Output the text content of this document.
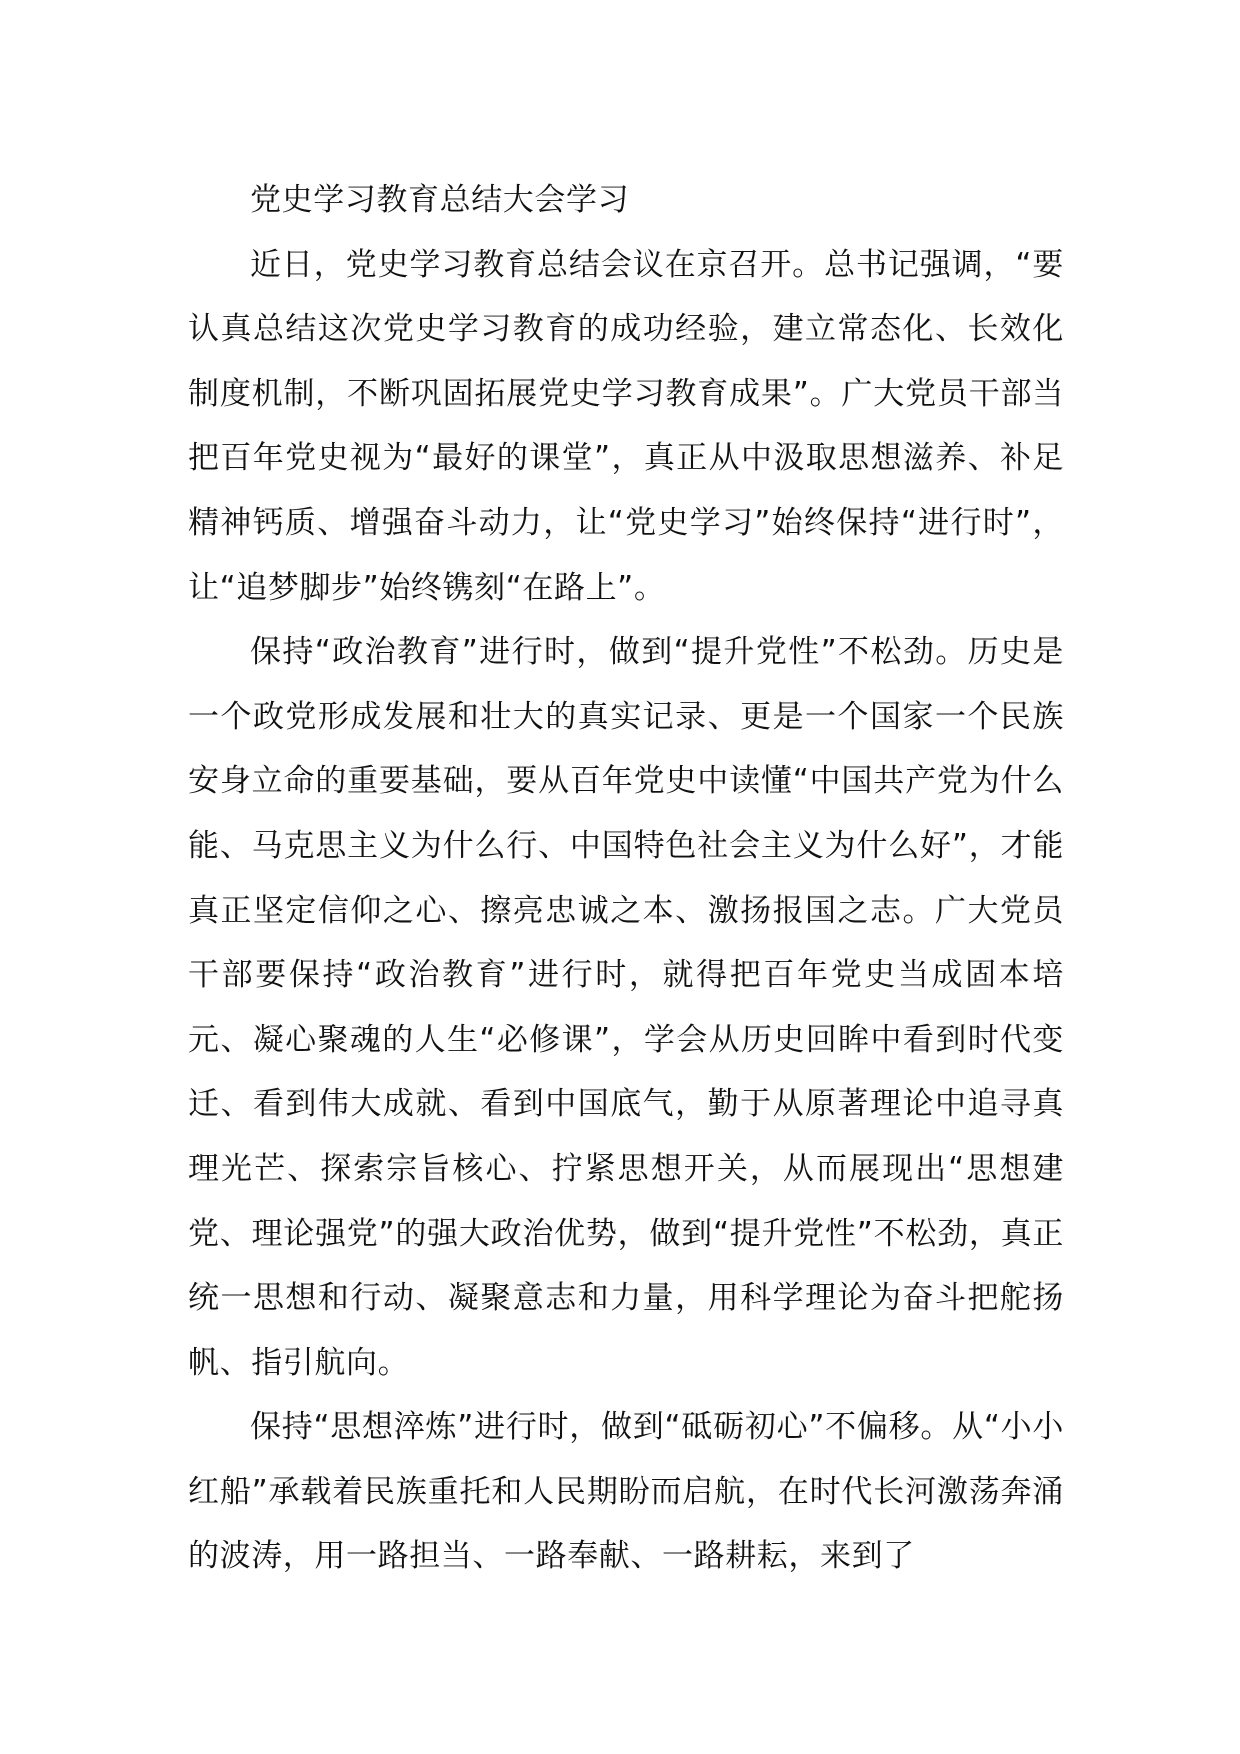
党史学习教育总结大会学习

近日，党史学习教育总结会议在京召开。总书记强调，“要认真总结这次党史学习教育的成功经验，建立常态化、长效化制度机制，不断巩固拓展党史学习教育成果”。广大党员干部当把百年党史视为“最好的课堂”，真正从中汲取思想滋养、补足精神钙质、增强奋斗动力，让“党史学习”始终保持“进行时”，让“追梦脚步”始终镌刻“在路上”。

保持“政治教育”进行时，做到“提升党性”不松劲。历史是一个政党形成发展和壮大的真实记录、更是一个国家一个民族安身立命的重要基础，要从百年党史中读懂“中国共产党为什么能、马克思主义为什么行、中国特色社会主义为什么好”，才能真正坚定信仰之心、擦亮忠诚之本、激扬报国之志。广大党员干部要保持“政治教育”进行时，就得把百年党史当成固本培元、凝心聚魂的人生“必修课”，学会从历史回眸中看到时代变迁、看到伟大成就、看到中国底气，勤于从原著理论中追寻真理光芒、探索宗旨核心、拧紧思想开关，从而展现出“思想建党、理论强党”的强大政治优势，做到“提升党性”不松劲，真正统一思想和行动、凝聚意志和力量，用科学理论为奋斗把舵扬帆、指引航向。

保持“思想淬炼”进行时，做到“砥砺初心”不偏移。从“小小红船”承载着民族重托和人民期盼而启航，在时代长河激荡奔涌的波涛，用一路担当、一路奉献、一路耕耘，来到了
